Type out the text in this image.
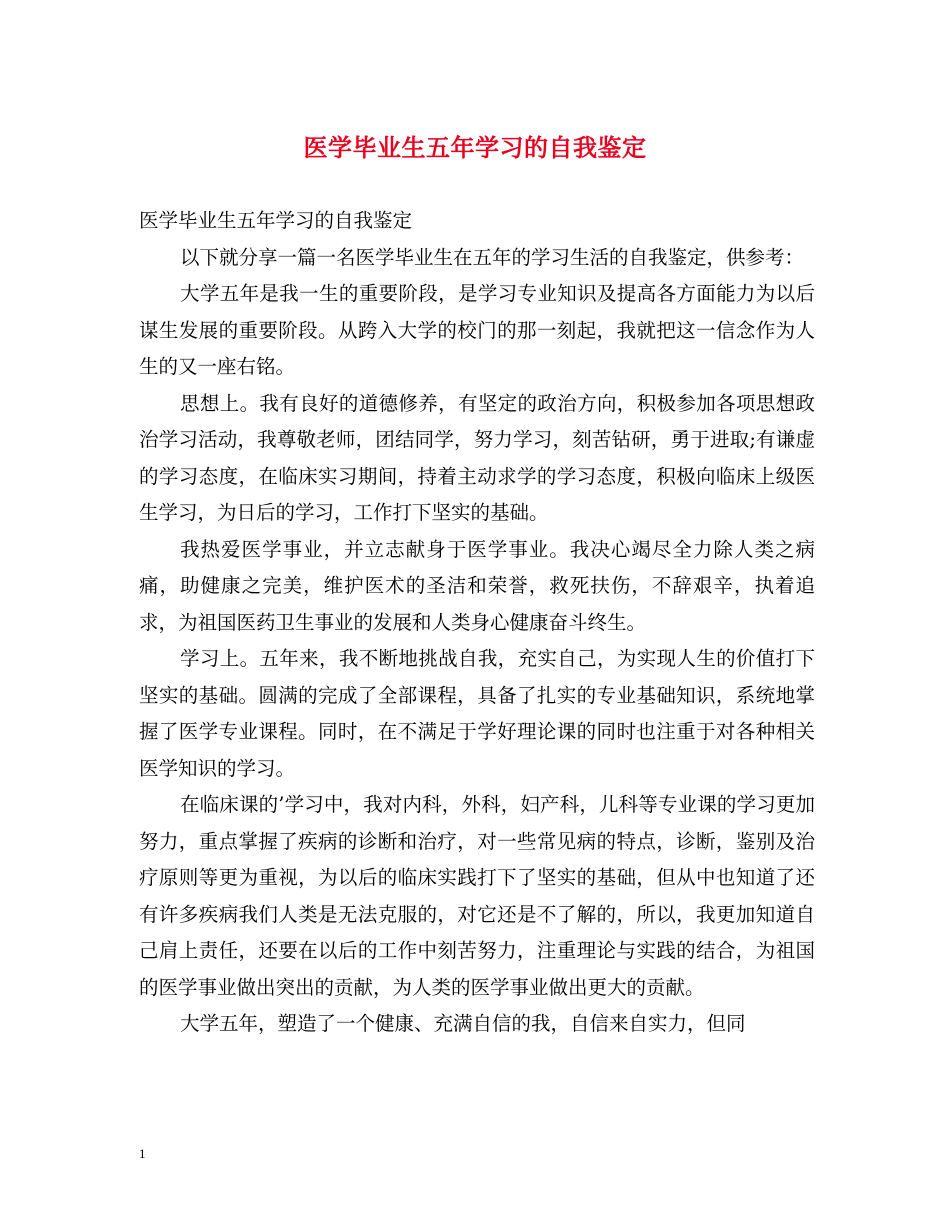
医学毕业生五年学习的自我鉴定

医学毕业生五年学习的自我鉴定

以下就分享一篇一名医学毕业生在五年的学习生活的自我鉴定，供参考：

大学五年是我一生的重要阶段，是学习专业知识及提高各方面能力为以后谋生发展的重要阶段。从跨入大学的校门的那一刻起，我就把这一信念作为人生的又一座右铭。

思想上。我有良好的道德修养，有坚定的政治方向，积极参加各项思想政治学习活动，我尊敬老师，团结同学，努力学习，刻苦钻研，勇于进取;有谦虚的学习态度，在临床实习期间，持着主动求学的学习态度，积极向临床上级医生学习，为日后的学习，工作打下坚实的基础。

我热爱医学事业，并立志献身于医学事业。我决心竭尽全力除人类之病痛，助健康之完美，维护医术的圣洁和荣誉，救死扶伤，不辞艰辛，执着追求，为祖国医药卫生事业的发展和人类身心健康奋斗终生。

学习上。五年来，我不断地挑战自我，充实自己，为实现人生的价值打下坚实的基础。圆满的完成了全部课程，具备了扎实的专业基础知识，系统地掌握了医学专业课程。同时，在不满足于学好理论课的同时也注重于对各种相关医学知识的学习。

在临床课的’学习中，我对内科，外科，妇产科，儿科等专业课的学习更加努力，重点掌握了疾病的诊断和治疗，对一些常见病的特点，诊断，鉴别及治疗原则等更为重视，为以后的临床实践打下了坚实的基础，但从中也知道了还有许多疾病我们人类是无法克服的，对它还是不了解的，所以，我更加知道自己肩上责任，还要在以后的工作中刻苦努力，注重理论与实践的结合，为祖国的医学事业做出突出的贡献，为人类的医学事业做出更大的贡献。

大学五年，塑造了一个健康、充满自信的我，自信来自实力，但同

1
